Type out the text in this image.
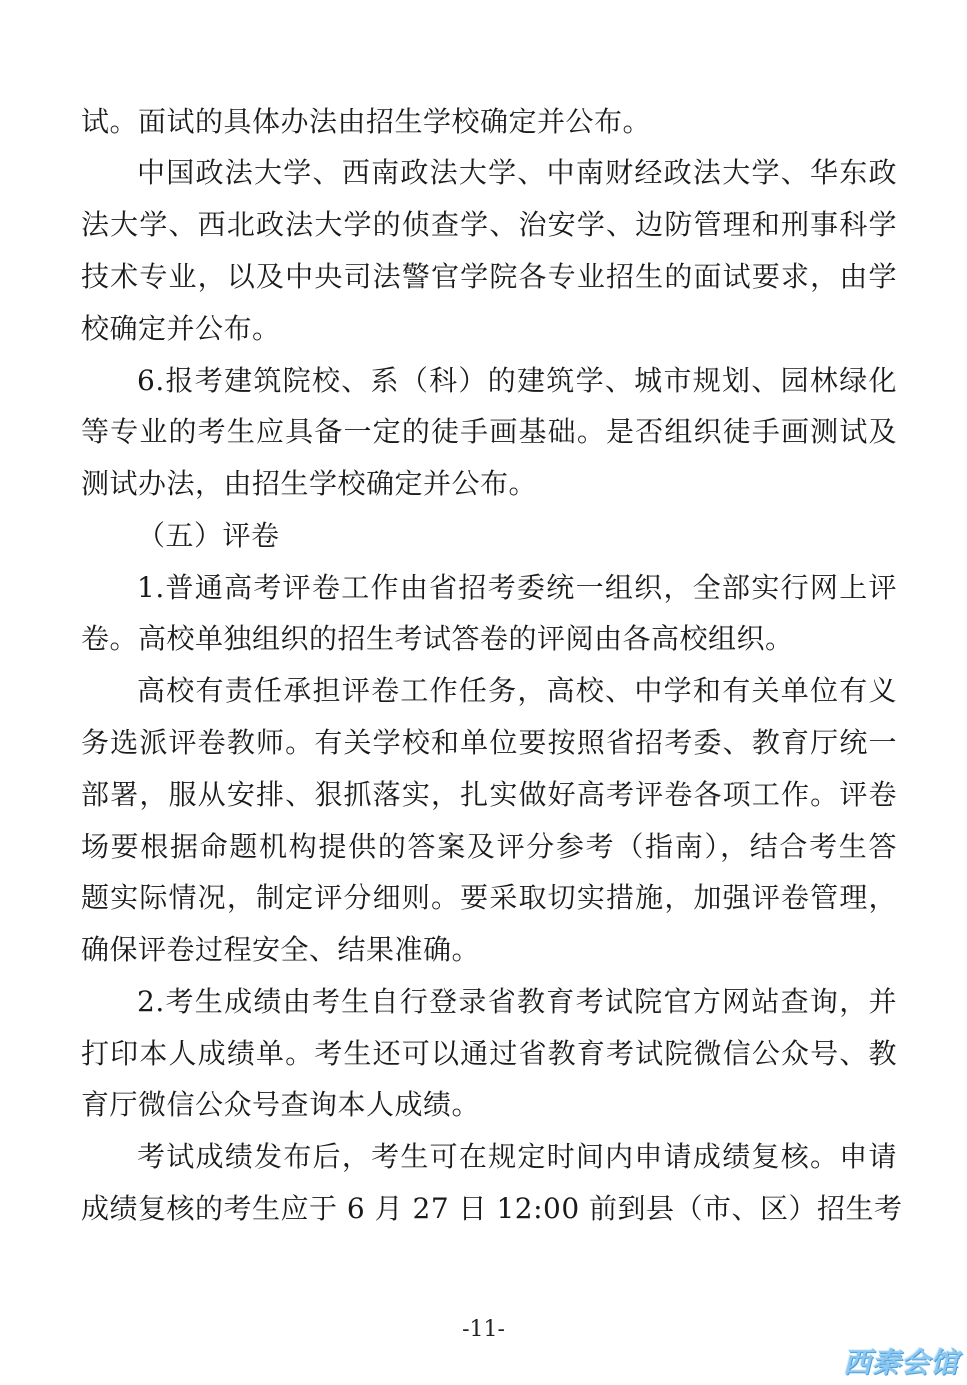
试。面试的具体办法由招生学校确定并公布。
中国政法大学、西南政法大学、中南财经政法大学、华东政
法大学、西北政法大学的侦查学、治安学、边防管理和刑事科学
技术专业，以及中央司法警官学院各专业招生的面试要求，由学
校确定并公布。
6.报考建筑院校、系（科）的建筑学、城市规划、园林绿化
等专业的考生应具备一定的徒手画基础。是否组织徒手画测试及
测试办法，由招生学校确定并公布。
（五）评卷
1.普通高考评卷工作由省招考委统一组织，全部实行网上评
卷。高校单独组织的招生考试答卷的评阅由各高校组织。
高校有责任承担评卷工作任务，高校、中学和有关单位有义
务选派评卷教师。有关学校和单位要按照省招考委、教育厅统一
部署，服从安排、狠抓落实，扎实做好高考评卷各项工作。评卷
场要根据命题机构提供的答案及评分参考（指南），结合考生答
题实际情况，制定评分细则。要采取切实措施，加强评卷管理，
确保评卷过程安全、结果准确。
2.考生成绩由考生自行登录省教育考试院官方网站查询，并
打印本人成绩单。考生还可以通过省教育考试院微信公众号、教
育厅微信公众号查询本人成绩。
考试成绩发布后，考生可在规定时间内申请成绩复核。申请
成绩复核的考生应于 6 月 27 日 12:00 前到县（市、区）招生考
-11-
西秦会馆
